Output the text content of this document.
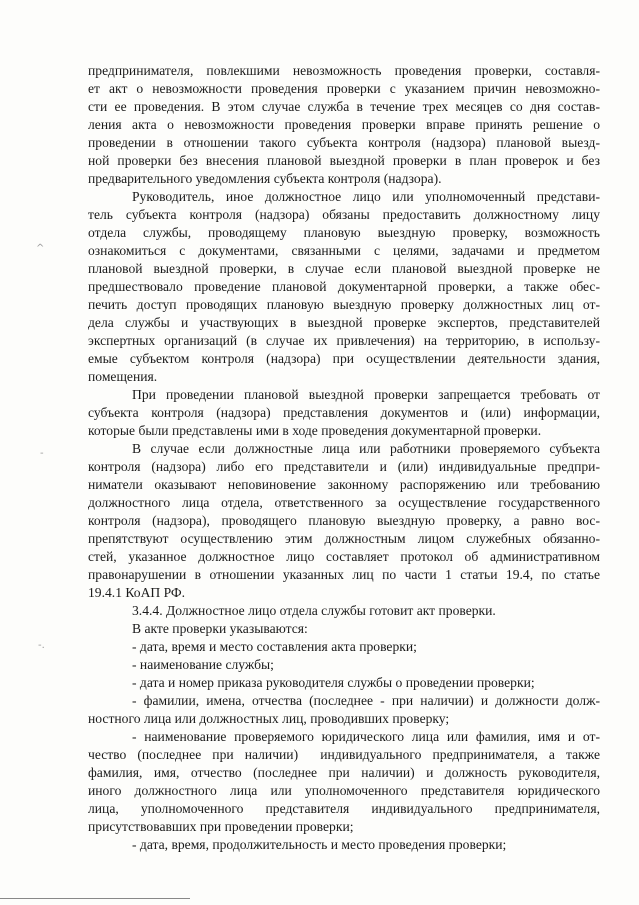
предпринимателя, повлекшими невозможность проведения проверки, составля-
ет акт о невозможности проведения проверки с указанием причин невозможно-
сти ее проведения. В этом случае служба в течение трех месяцев со дня состав-
ления акта о невозможности проведения проверки вправе принять решение о
проведении в отношении такого субъекта контроля (надзора) плановой выезд-
ной проверки без внесения плановой выездной проверки в план проверок и без
предварительного уведомления субъекта контроля (надзора).
Руководитель, иное должностное лицо или уполномоченный представи-
тель субъекта контроля (надзора) обязаны предоставить должностному лицу
отдела службы, проводящему плановую выездную проверку, возможность
ознакомиться с документами, связанными с целями, задачами и предметом
плановой выездной проверки, в случае если плановой выездной проверке не
предшествовало проведение плановой документарной проверки, а также обес-
печить доступ проводящих плановую выездную проверку должностных лиц от-
дела службы и участвующих в выездной проверке экспертов, представителей
экспертных организаций (в случае их привлечения) на территорию, в использу-
емые субъектом контроля (надзора) при осуществлении деятельности здания,
помещения.
При проведении плановой выездной проверки запрещается требовать от
субъекта контроля (надзора) представления документов и (или) информации,
которые были представлены ими в ходе проведения документарной проверки.
В случае если должностные лица или работники проверяемого субъекта
контроля (надзора) либо его представители и (или) индивидуальные предпри-
ниматели оказывают неповиновение законному распоряжению или требованию
должностного лица отдела, ответственного за осуществление государственного
контроля (надзора), проводящего плановую выездную проверку, а равно вос-
препятствуют осуществлению этим должностным лицом служебных обязанно-
стей, указанное должностное лицо составляет протокол об административном
правонарушении в отношении указанных лиц по части 1 статьи 19.4, по статье
19.4.1 КоАП РФ.
3.4.4. Должностное лицо отдела службы готовит акт проверки.
В акте проверки указываются:
- дата, время и место составления акта проверки;
- наименование службы;
- дата и номер приказа руководителя службы о проведении проверки;
- фамилии, имена, отчества (последнее - при наличии) и должности долж-
ностного лица или должностных лиц, проводивших проверку;
- наименование проверяемого юридического лица или фамилия, имя и от-
чество (последнее при наличии)  индивидуального предпринимателя, а также
фамилия, имя, отчество (последнее при наличии) и должность руководителя,
иного должностного лица или уполномоченного представителя юридического
лица, уполномоченного представителя индивидуального предпринимателя,
присутствовавших при проведении проверки;
- дата, время, продолжительность и место проведения проверки;
^
-
-.
